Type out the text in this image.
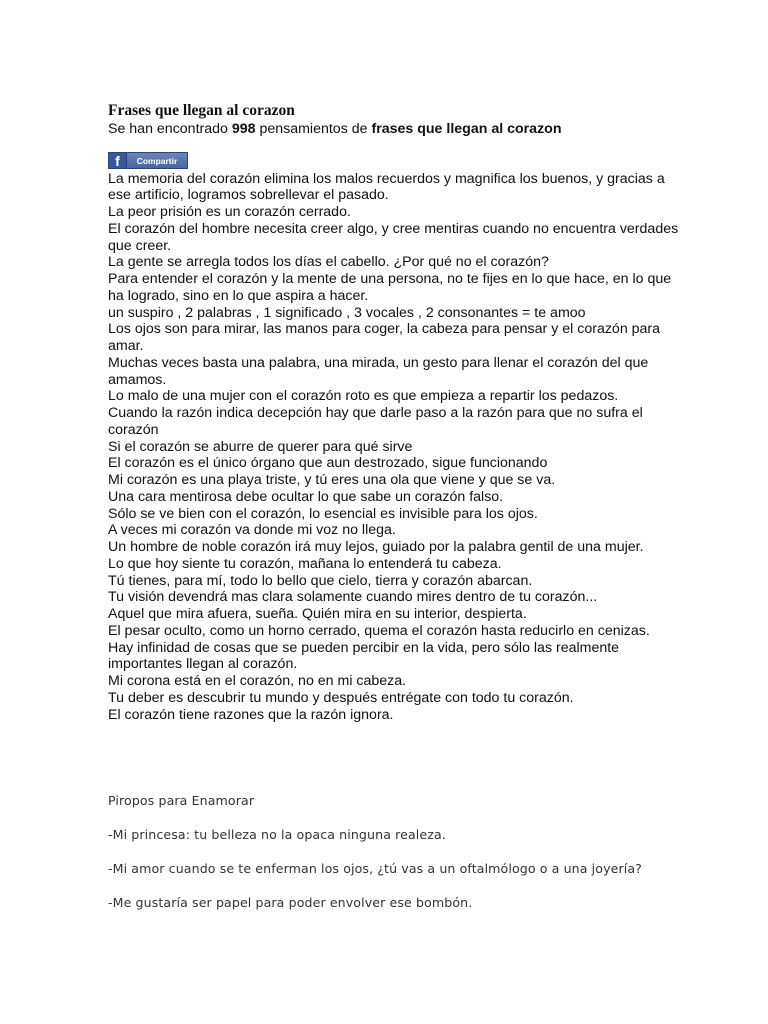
Frases que llegan al corazon

Se han encontrado 998 pensamientos de frases que llegan al corazon

f	Compartir
La memoria del corazón elimina los malos recuerdos y magnifica los buenos, y gracias a ese artificio, logramos sobrellevar el pasado.
La peor prisión es un corazón cerrado.
El corazón del hombre necesita creer algo, y cree mentiras cuando no encuentra verdades que creer.
La gente se arregla todos los días el cabello. ¿Por qué no el corazón?
Para entender el corazón y la mente de una persona, no te fijes en lo que hace, en lo que ha logrado, sino en lo que aspira a hacer.
un suspiro , 2 palabras , 1 significado , 3 vocales , 2 consonantes = te amoo
Los ojos son para mirar, las manos para coger, la cabeza para pensar y el corazón para amar.
Muchas veces basta una palabra, una mirada, un gesto para llenar el corazón del que amamos.
Lo malo de una mujer con el corazón roto es que empieza a repartir los pedazos.
Cuando la razón indica decepción hay que darle paso a la razón para que no sufra el corazón
Si el corazón se aburre de querer para qué sirve
El corazón es el único órgano que aun destrozado, sigue funcionando
Mi corazón es una playa triste, y tú eres una ola que viene y que se va.
Una cara mentirosa debe ocultar lo que sabe un corazón falso.
Sólo se ve bien con el corazón, lo esencial es invisible para los ojos.
A veces mi corazón va donde mi voz no llega.
Un hombre de noble corazón irá muy lejos, guiado por la palabra gentil de una mujer.
Lo que hoy siente tu corazón, mañana lo entenderá tu cabeza.
Tú tienes, para mí, todo lo bello que cielo, tierra y corazón abarcan.
Tu visión devendrá mas clara solamente cuando mires dentro de tu corazón...
Aquel que mira afuera, sueña. Quién mira en su interior, despierta.
El pesar oculto, como un horno cerrado, quema el corazón hasta reducirlo en cenizas.
Hay infinidad de cosas que se pueden percibir en la vida, pero sólo las realmente importantes llegan al corazón.
Mi corona está en el corazón, no en mi cabeza.
Tu deber es descubrir tu mundo y después entrégate con todo tu corazón.
El corazón tiene razones que la razón ignora.

Piropos para Enamorar

-Mi princesa: tu belleza no la opaca ninguna realeza.
-Mi amor cuando se te enferman los ojos, ¿tú vas a un oftalmólogo o a una joyería?
-Me gustaría ser papel para poder envolver ese bombón.
